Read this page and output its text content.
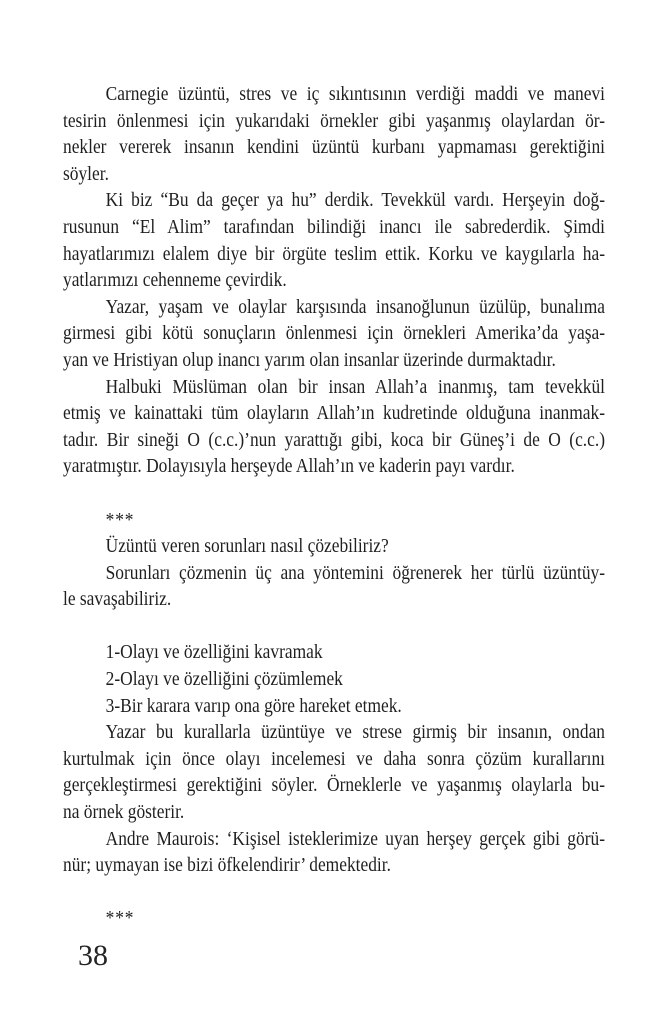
Carnegie üzüntü, stres ve iç sıkıntısının verdiği maddi ve manevi
tesirin önlenmesi için yukarıdaki örnekler gibi yaşanmış olaylardan ör-
nekler vererek insanın kendini üzüntü kurbanı yapmaması gerektiğini
söyler.
Ki biz “Bu da geçer ya hu” derdik. Tevekkül vardı. Herşeyin doğ-
rusunun “El Alim” tarafından bilindiği inancı ile sabrederdik. Şimdi
hayatlarımızı elalem diye bir örgüte teslim ettik. Korku ve kaygılarla ha-
yatlarımızı cehenneme çevirdik.
Yazar, yaşam ve olaylar karşısında insanoğlunun üzülüp, bunalıma
girmesi gibi kötü sonuçların önlenmesi için örnekleri Amerika’da yaşa-
yan ve Hristiyan olup inancı yarım olan insanlar üzerinde durmaktadır.
Halbuki Müslüman olan bir insan Allah’a inanmış, tam tevekkül
etmiş ve kainattaki tüm olayların Allah’ın kudretinde olduğuna inanmak-
tadır. Bir sineği O (c.c.)’nun yarattığı gibi, koca bir Güneş’i de O (c.c.)
yaratmıştır. Dolayısıyla herşeyde Allah’ın ve kaderin payı vardır.
***
Üzüntü veren sorunları nasıl çözebiliriz?
Sorunları çözmenin üç ana yöntemini öğrenerek her türlü üzüntüy-
le savaşabiliriz.
1-Olayı ve özelliğini kavramak
2-Olayı ve özelliğini çözümlemek
3-Bir karara varıp ona göre hareket etmek.
Yazar bu kurallarla üzüntüye ve strese girmiş bir insanın, ondan
kurtulmak için önce olayı incelemesi ve daha sonra çözüm kurallarını
gerçekleştirmesi gerektiğini söyler. Örneklerle ve yaşanmış olaylarla bu-
na örnek gösterir.
Andre Maurois: ‘Kişisel isteklerimize uyan herşey gerçek gibi görü-
nür; uymayan ise bizi öfkelendirir’ demektedir.
***
38
